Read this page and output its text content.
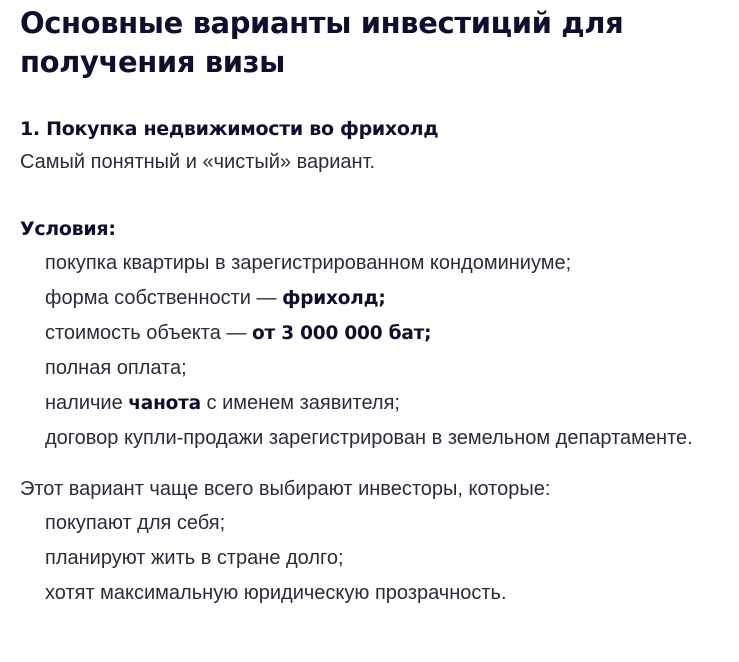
Основные варианты инвестиций для получения визы
1. Покупка недвижимости во фрихолд

Самый понятный и «чистый» вариант.

Условия:
покупка квартиры в зарегистрированном кондоминиуме;
форма собственности — фрихолд;
стоимость объекта — от 3 000 000 бат;
полная оплата;
наличие чанота с именем заявителя;
договор купли-продажи зарегистрирован в земельном департаменте.

Этот вариант чаще всего выбирают инвесторы, которые:

покупают для себя;
планируют жить в стране долго;
хотят максимальную юридическую прозрачность.
